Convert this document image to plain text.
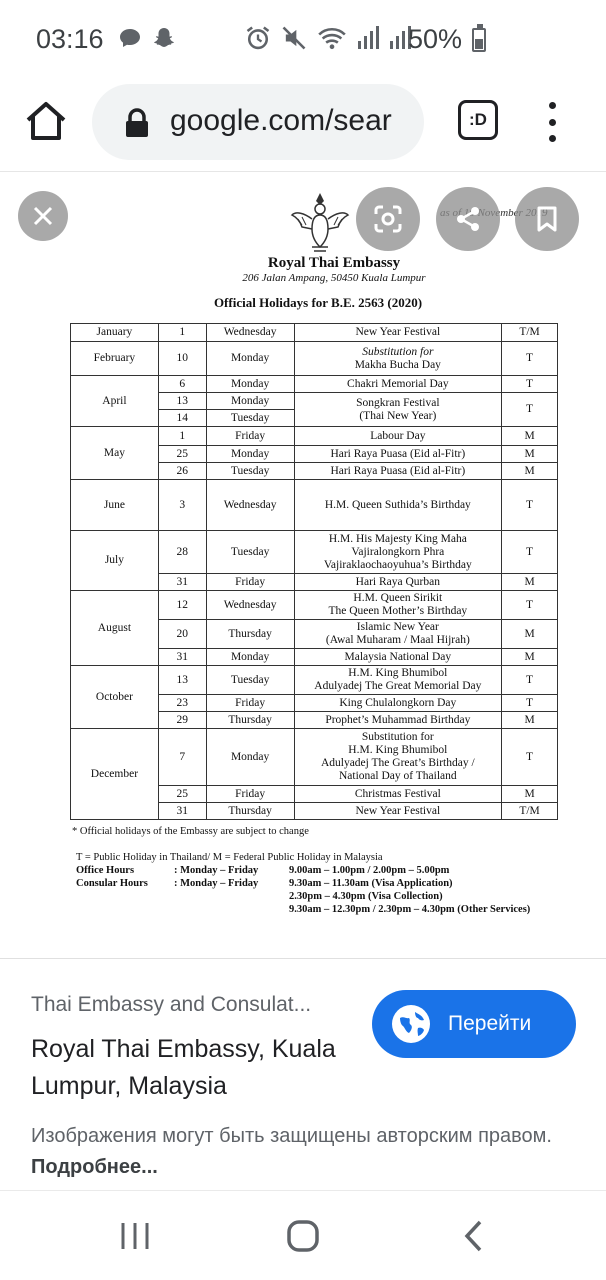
03:16	50%
google.com/sear	:D
November
Royal Thai Embassy
206 Jalan Ampang, 50450 Kuala Lumpur
Official Holidays for B.E. 2563 (2020)
January	1	Wednesday	New Year Festival	T/M
February	10	Monday	Substitution for
Makha Bucha Day	T
April	6	Monday	Chakri Memorial Day	T
	13	Monday	Songkran Festival
(Thai New Year)	T
	14	Tuesday		
May	1	Friday	Labour Day	M
	25	Monday	Hari Raya Puasa (Eid al-Fitr)	M
	26	Tuesday	Hari Raya Puasa (Eid al-Fitr)	M
June	3	Wednesday	H.M. Queen Suthida’s Birthday	T
July	28	Tuesday	H.M. His Majesty King Maha
Vajiralongkorn Phra
Vajiraklaochaoyuhua’s Birthday	T
	31	Friday	Hari Raya Qurban	M
August	12	Wednesday	H.M. Queen Sirikit
The Queen Mother’s Birthday	T
	20	Thursday	Islamic New Year
(Awal Muharam / Maal Hijrah)	M
	31	Monday	Malaysia National Day	M
October	13	Tuesday	H.M. King Bhumibol
Adulyadej The Great Memorial Day	T
	23	Friday	King Chulalongkorn Day	T
	29	Thursday	Prophet’s Muhammad Birthday	M
December	7	Monday	Substitution for
H.M. King Bhumibol
Adulyadej The Great’s Birthday /
National Day of Thailand	T
	25	Friday	Christmas Festival	M
	31	Thursday	New Year Festival	T/M
* Official holidays of the Embassy are subject to change
T = Public Holiday in Thailand/ M = Federal Public Holiday in Malaysia
Office Hours	: Monday – Friday	9.00am – 1.00pm / 2.00pm – 5.00pm
Consular Hours : Monday – Friday	9.30am – 11.30am (Visa Application)
2.30pm – 4.30pm (Visa Collection)
9.30am – 12.30pm / 2.30pm – 4.30pm (Other Services)
Thai Embassy and Consulat...
Royal Thai Embassy, Kuala Lumpur, Malaysia
Перейти
Изображения могут быть защищены авторским правом. Подробнее...
